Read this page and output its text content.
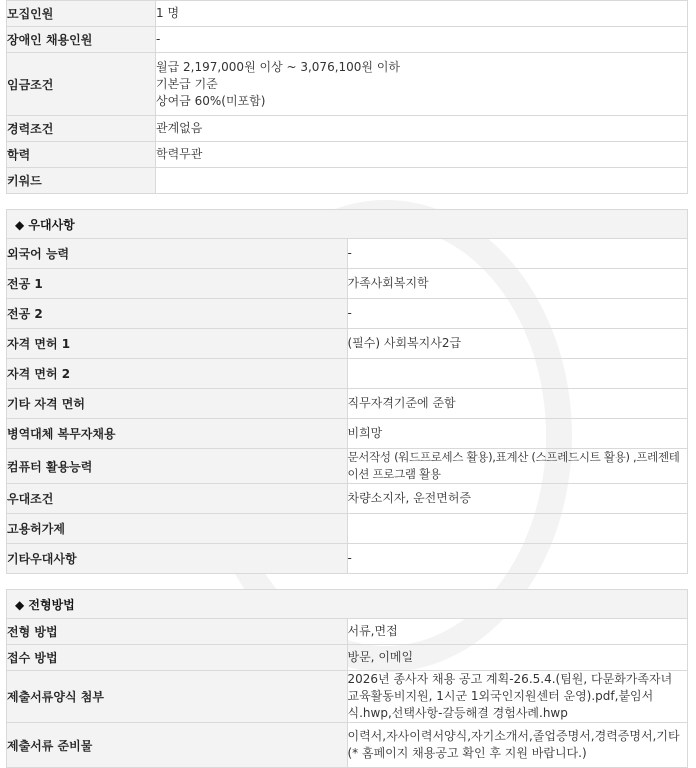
모집인원	1 명
장애인 채용인원	-
임금조건	월급 2,197,000원 이상 ~ 3,076,100원 이하
기본급 기준
상여금 60%(미포함)

경력조건	관계없음
학력	학력무관
키워드	
◆ 우대사항	
외국어 능력	-
전공 1	가족사회복지학
전공 2	-
자격 면허 1	(필수) 사회복지사2급
자격 면허 2	
기타 자격 면허	직무자격기준에 준함
병역대체 복무자채용	비희망
컴퓨터 활용능력	문서작성 (워드프로세스 활용),표계산 (스프레드시트 활용) ,프레젠테이션 프로그램 활용
우대조건	차량소지자, 운전면허증
고용허가제	
기타우대사항	-
◆ 전형방법	
전형 방법	서류,면접
접수 방법	방문, 이메일
제출서류양식 첨부	2026년 종사자 채용 공고 계획-26.5.4.(팀원, 다문화가족자녀 교육활동비지원, 1시군 1외국인지원센터 운영).pdf,붙임서식.hwp,선택사항-갈등해결 경험사례.hwp
제출서류 준비물	이력서,자사이력서양식,자기소개서,졸업증명서,경력증명서,기타(* 홈페이지 채용공고 확인 후 지원 바랍니다.)
